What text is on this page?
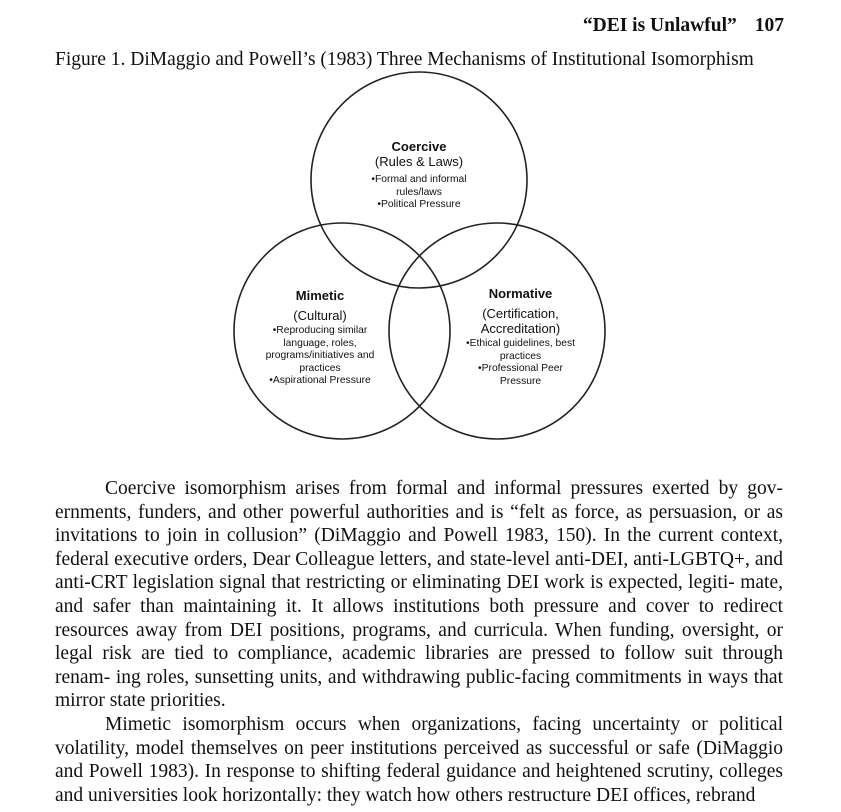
“DEI is Unlawful” 107
Figure 1. DiMaggio and Powell’s (1983) Three Mechanisms of Institutional Isomorphism
Coercive
(Rules & Laws)
•Formal and informal
rules/laws
•Political Pressure
Mimetic
(Cultural)
•Reproducing similar
language, roles,
programs/initiatives and
practices
•Aspirational Pressure
Normative
(Certification,
Accreditation)
•Ethical guidelines, best
practices
•Professional Peer
Pressure

Coercive isomorphism arises from formal and informal pressures exerted by gov- ernments, funders, and other powerful authorities and is “felt as force, as persuasion, or as invitations to join in collusion” (DiMaggio and Powell 1983, 150). In the current context, federal executive orders, Dear Colleague letters, and state-level anti-DEI, anti-LGBTQ+, and anti-CRT legislation signal that restricting or eliminating DEI work is expected, legiti- mate, and safer than maintaining it. It allows institutions both pressure and cover to redirect resources away from DEI positions, programs, and curricula. When funding, oversight, or legal risk are tied to compliance, academic libraries are pressed to follow suit through renam- ing roles, sunsetting units, and withdrawing public-facing commitments in ways that mirror state priorities.

Mimetic isomorphism occurs when organizations, facing uncertainty or political volatility, model themselves on peer institutions perceived as successful or safe (DiMaggio and Powell 1983). In response to shifting federal guidance and heightened scrutiny, colleges and universities look horizontally: they watch how others restructure DEI offices, rebrand
